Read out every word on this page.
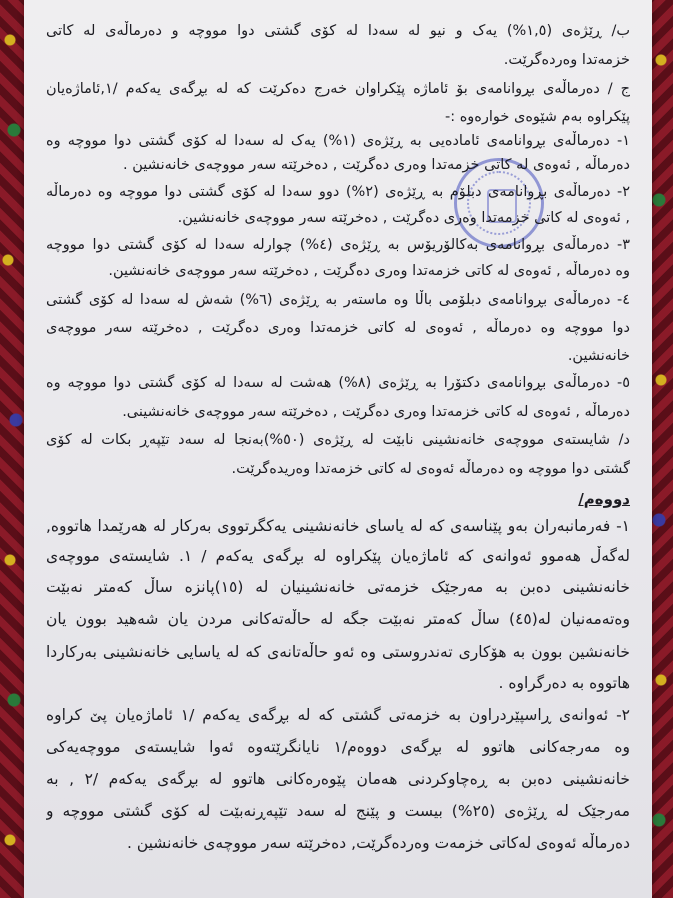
ب/ ڕێژەی (١,٥%) یەک و نیو لە سەدا لە کۆی گشتی دوا مووچە و دەرماڵەی لە کاتی
خزمەتدا وەردەگرێت.
ج / دەرماڵەی بڕوانامەی بۆ ئاماژە پێکراوان خەرج دەکرێت کە لە بڕگەی یەکەم /١,ئاماژەیان
پێکراوە بەم شێوەی خوارەوە :-
١- دەرماڵەی بڕوانامەی ئامادەیی بە ڕێژەی (١%) یەک لە سەدا لە کۆی گشتی دوا مووچە وە
دەرماڵە , ئەوەی لە کاتی خزمەتدا وەری دەگرێت , دەخرێتە سەر مووچەی خانەنشین .
٢- دەرماڵەی بڕوانامەی دبلۆم بە ڕێژەی (٢%) دوو سەدا لە کۆی گشتی دوا مووچە وە دەرماڵە
, ئەوەی لە کاتی خزمەتدا وەری دەگرێت , دەخرێتە سەر مووچەی خانەنشین.
٣- دەرماڵەی بڕوانامەی بەکالۆریۆس بە ڕێژەی (٤%) چوارلە سەدا لە کۆی گشتی دوا مووچە
وە دەرماڵە , ئەوەی لە کاتی خزمەتدا وەری دەگرێت , دەخرێتە سەر مووچەی خانەنشین.
٤- دەرماڵەی بڕوانامەی دبلۆمی باڵا وە ماستەر بە ڕێژەی (٦%) شەش لە سەدا لە کۆی گشتی
دوا مووچە وە دەرماڵە , ئەوەی لە کاتی خزمەتدا وەری دەگرێت , دەخرێتە سەر مووچەی
خانەنشین.
٥- دەرماڵەی بڕوانامەی دکتۆرا بە ڕێژەی (٨%) هەشت لە سەدا لە کۆی گشتی دوا مووچە وە
دەرماڵە , ئەوەی لە کاتی خزمەتدا وەری دەگرێت , دەخرێتە سەر مووچەی خانەنشینی.
د/ شایستەی مووچەی خانەنشینی نابێت لە ڕێژەی (٥٠%)بەنجا لە سەد تێپەڕ بکات لە کۆی
گشتی دوا مووچە وە دەرماڵە ئەوەی لە کاتی خزمەتدا وەریدەگرێت.
دووەم/
١- فەرمانبەران بەو پێناسەی کە لە یاسای خانەنشینی یەکگرتووی بەرکار لە هەرێمدا هاتووە,
لەگەڵ هەموو ئەوانەی کە ئاماژەیان پێکراوە لە بڕگەی یەکەم / ١. شایستەی مووچەی
خانەنشینی دەبن بە مەرجێک خزمەتی خانەنشینیان لە (١٥)پانزە ساڵ کەمتر نەبێت
وەتەمەنیان لە(٤٥) ساڵ کەمتر نەبێت جگە لە حاڵەتەکانی مردن یان شەهید بوون یان
خانەنشین بوون بە هۆکاری تەندروستی وە ئەو حاڵەتانەی کە لە یاسایی خانەنشینی بەرکاردا
هاتووە بە دەرگراوە .
٢- ئەوانەی ڕاسپێردراون بە خزمەتی گشتی کە لە بڕگەی یەکەم /١ ئاماژەیان پێ کراوە
وە مەرجەکانی هاتوو لە بڕگەی دووەم/١ نایانگرێتەوە ئەوا شایستەی مووچەیەکی
خانەنشینی دەبن بە ڕەچاوکردنی هەمان پێوەرەکانی هاتوو لە بڕگەی یەکەم /٢ , بە
مەرجێک لە ڕێژەی (٢٥%) بیست و پێنج لە سەد تێپەڕنەبێت لە کۆی گشتی مووچە و
دەرماڵە ئەوەی لەکاتی خزمەت وەردەگرێت, دەخرێتە سەر مووچەی خانەنشین .
